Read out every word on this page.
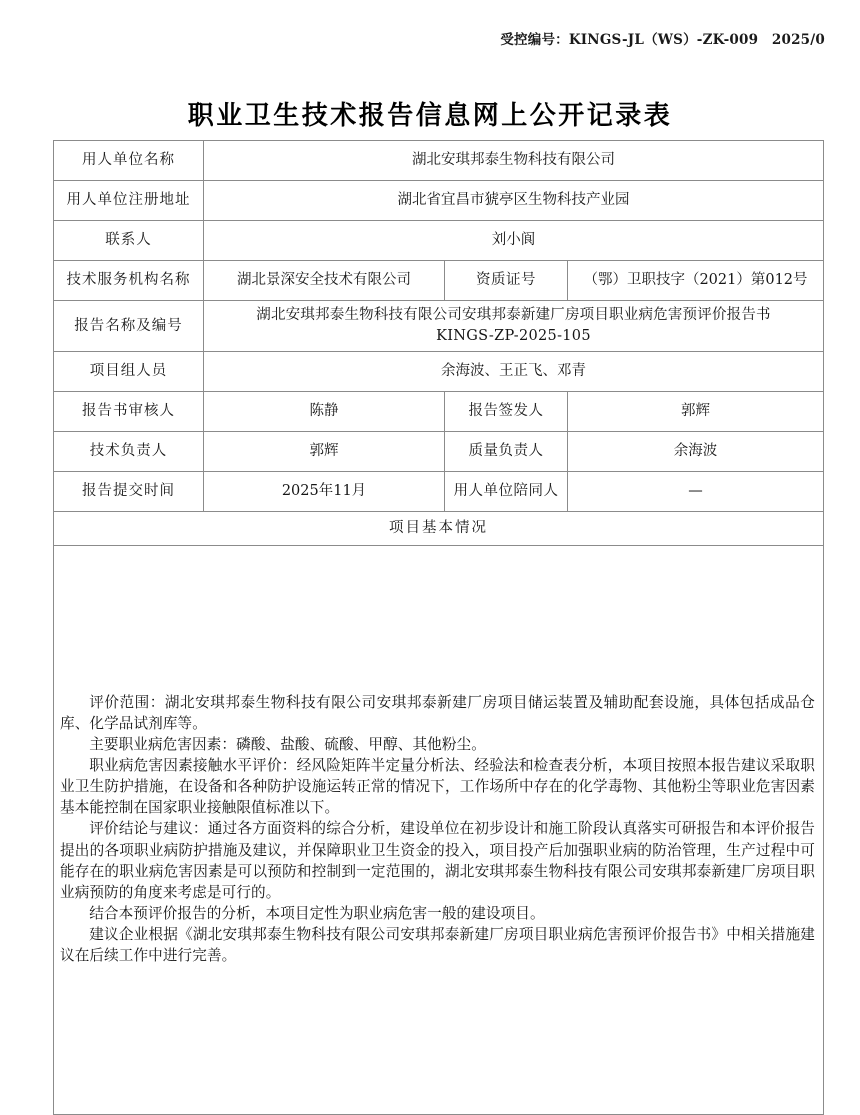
受控编号：KINGS-JL（WS）-ZK-009　2025/0
职业卫生技术报告信息网上公开记录表
用人单位名称	湖北安琪邦泰生物科技有限公司		
用人单位注册地址	湖北省宜昌市猇亭区生物科技产业园		
联系人	刘小阆		
技术服务机构名称	湖北景深安全技术有限公司	资质证号	（鄂）卫职技字（2021）第012号
报告名称及编号	湖北安琪邦泰生物科技有限公司安琪邦泰新建厂房项目职业病危害预评价报告书
KINGS-ZP-2025-105		

项目组人员	余海波、王正飞、邓青		
报告书审核人	陈静	报告签发人	郭辉
技术负责人	郭辉	质量负责人	余海波
报告提交时间	2025年11月	用人单位陪同人	—
项目基本情况			

评价范围：湖北安琪邦泰生物科技有限公司安琪邦泰新建厂房项目储运装置及辅助配套设施，具体包括成品仓库、化学品试剂库等。

主要职业病危害因素：磷酸、盐酸、硫酸、甲醇、其他粉尘。

职业病危害因素接触水平评价：经风险矩阵半定量分析法、经验法和检查表分析，本项目按照本报告建议采取职业卫生防护措施，在设备和各种防护设施运转正常的情况下，工作场所中存在的化学毒物、其他粉尘等职业危害因素基本能控制在国家职业接触限值标准以下。

评价结论与建议：通过各方面资料的综合分析，建设单位在初步设计和施工阶段认真落实可研报告和本评价报告提出的各项职业病防护措施及建议，并保障职业卫生资金的投入，项目投产后加强职业病的防治管理，生产过程中可能存在的职业病危害因素是可以预防和控制到一定范围的，湖北安琪邦泰生物科技有限公司安琪邦泰新建厂房项目职业病预防的角度来考虑是可行的。

结合本预评价报告的分析，本项目定性为职业病危害一般的建设项目。

建议企业根据《湖北安琪邦泰生物科技有限公司安琪邦泰新建厂房项目职业病危害预评价报告书》中相关措施建议在后续工作中进行完善。
